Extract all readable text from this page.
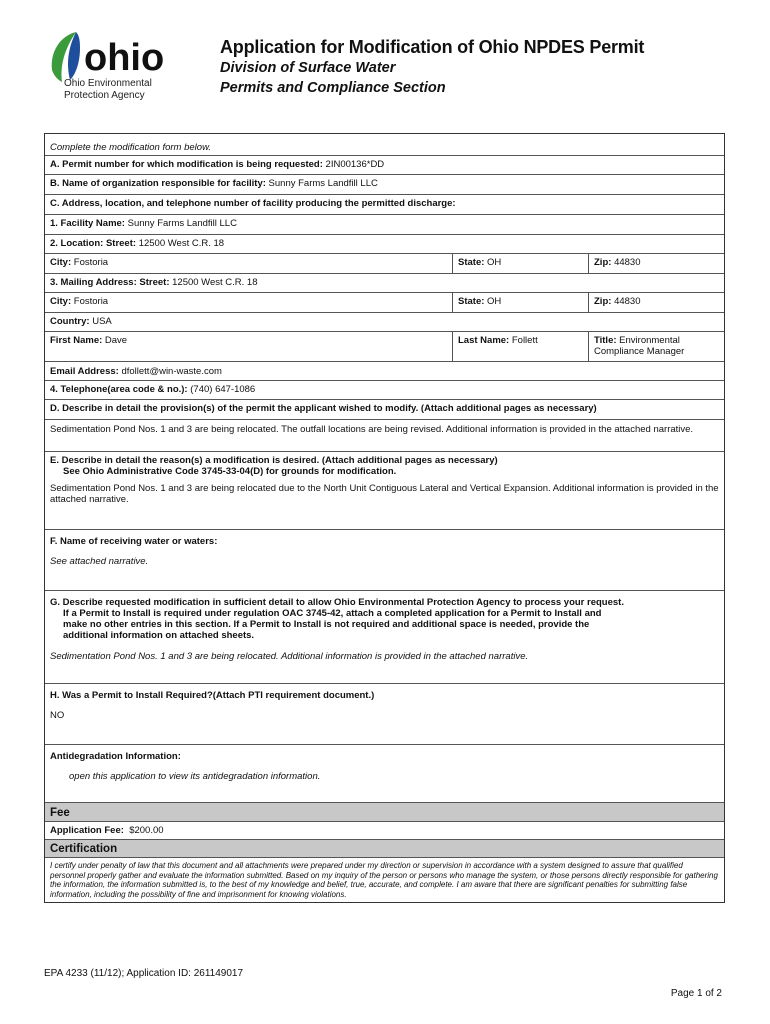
ohio
Ohio Environmental
Protection Agency
Application for Modification of Ohio NPDES Permit
Division of Surface Water
Permits and Compliance Section
Complete the modification form below.
A. Permit number for which modification is being requested: 2IN00136*DD
B. Name of organization responsible for facility: Sunny Farms Landfill LLC
C. Address, location, and telephone number of facility producing the permitted discharge:
1. Facility Name: Sunny Farms Landfill LLC
2. Location: Street: 12500 West C.R. 18
City: Fostoria	State: OH	Zip: 44830
3. Mailing Address: Street: 12500 West C.R. 18
City: Fostoria	State: OH	Zip: 44830
Country: USA
First Name: Dave	Last Name: Follett	Title: Environmental
Compliance Manager
Email Address: dfollett@win-waste.com
4. Telephone(area code & no.): (740) 647-1086
D. Describe in detail the provision(s) of the permit the applicant wished to modify. (Attach additional pages as necessary)
Sedimentation Pond Nos. 1 and 3 are being relocated. The outfall locations are being revised. Additional information is provided in the attached narrative.
E. Describe in detail the reason(s) a modification is desired. (Attach additional pages as necessary)
See Ohio Administrative Code 3745-33-04(D) for grounds for modification.
Sedimentation Pond Nos. 1 and 3 are being relocated due to the North Unit Contiguous Lateral and Vertical Expansion. Additional information is provided in the attached narrative.
F. Name of receiving water or waters:
See attached narrative.
G. Describe requested modification in sufficient detail to allow Ohio Environmental Protection Agency to process your request.
If a Permit to Install is required under regulation OAC 3745-42, attach a completed application for a Permit to Install and
make no other entries in this section. If a Permit to Install is not required and additional space is needed, provide the
additional information on attached sheets.
Sedimentation Pond Nos. 1 and 3 are being relocated. Additional information is provided in the attached narrative.
H. Was a Permit to Install Required?(Attach PTI requirement document.)
NO
Antidegradation Information:
open this application to view its antidegradation information.
Fee
Application Fee: $200.00
Certification
I certify under penalty of law that this document and all attachments were prepared under my direction or supervision in accordance with a system designed to assure that qualified personnel properly gather and evaluate the information submitted. Based on my inquiry of the person or persons who manage the system, or those persons directly responsible for gathering the information, the information submitted is, to the best of my knowledge and belief, true, accurate, and complete. I am aware that there are significant penalties for submitting false information, including the possibility of fine and imprisonment for knowing violations.
EPA 4233 (11/12); Application ID: 261149017
Page 1 of 2
